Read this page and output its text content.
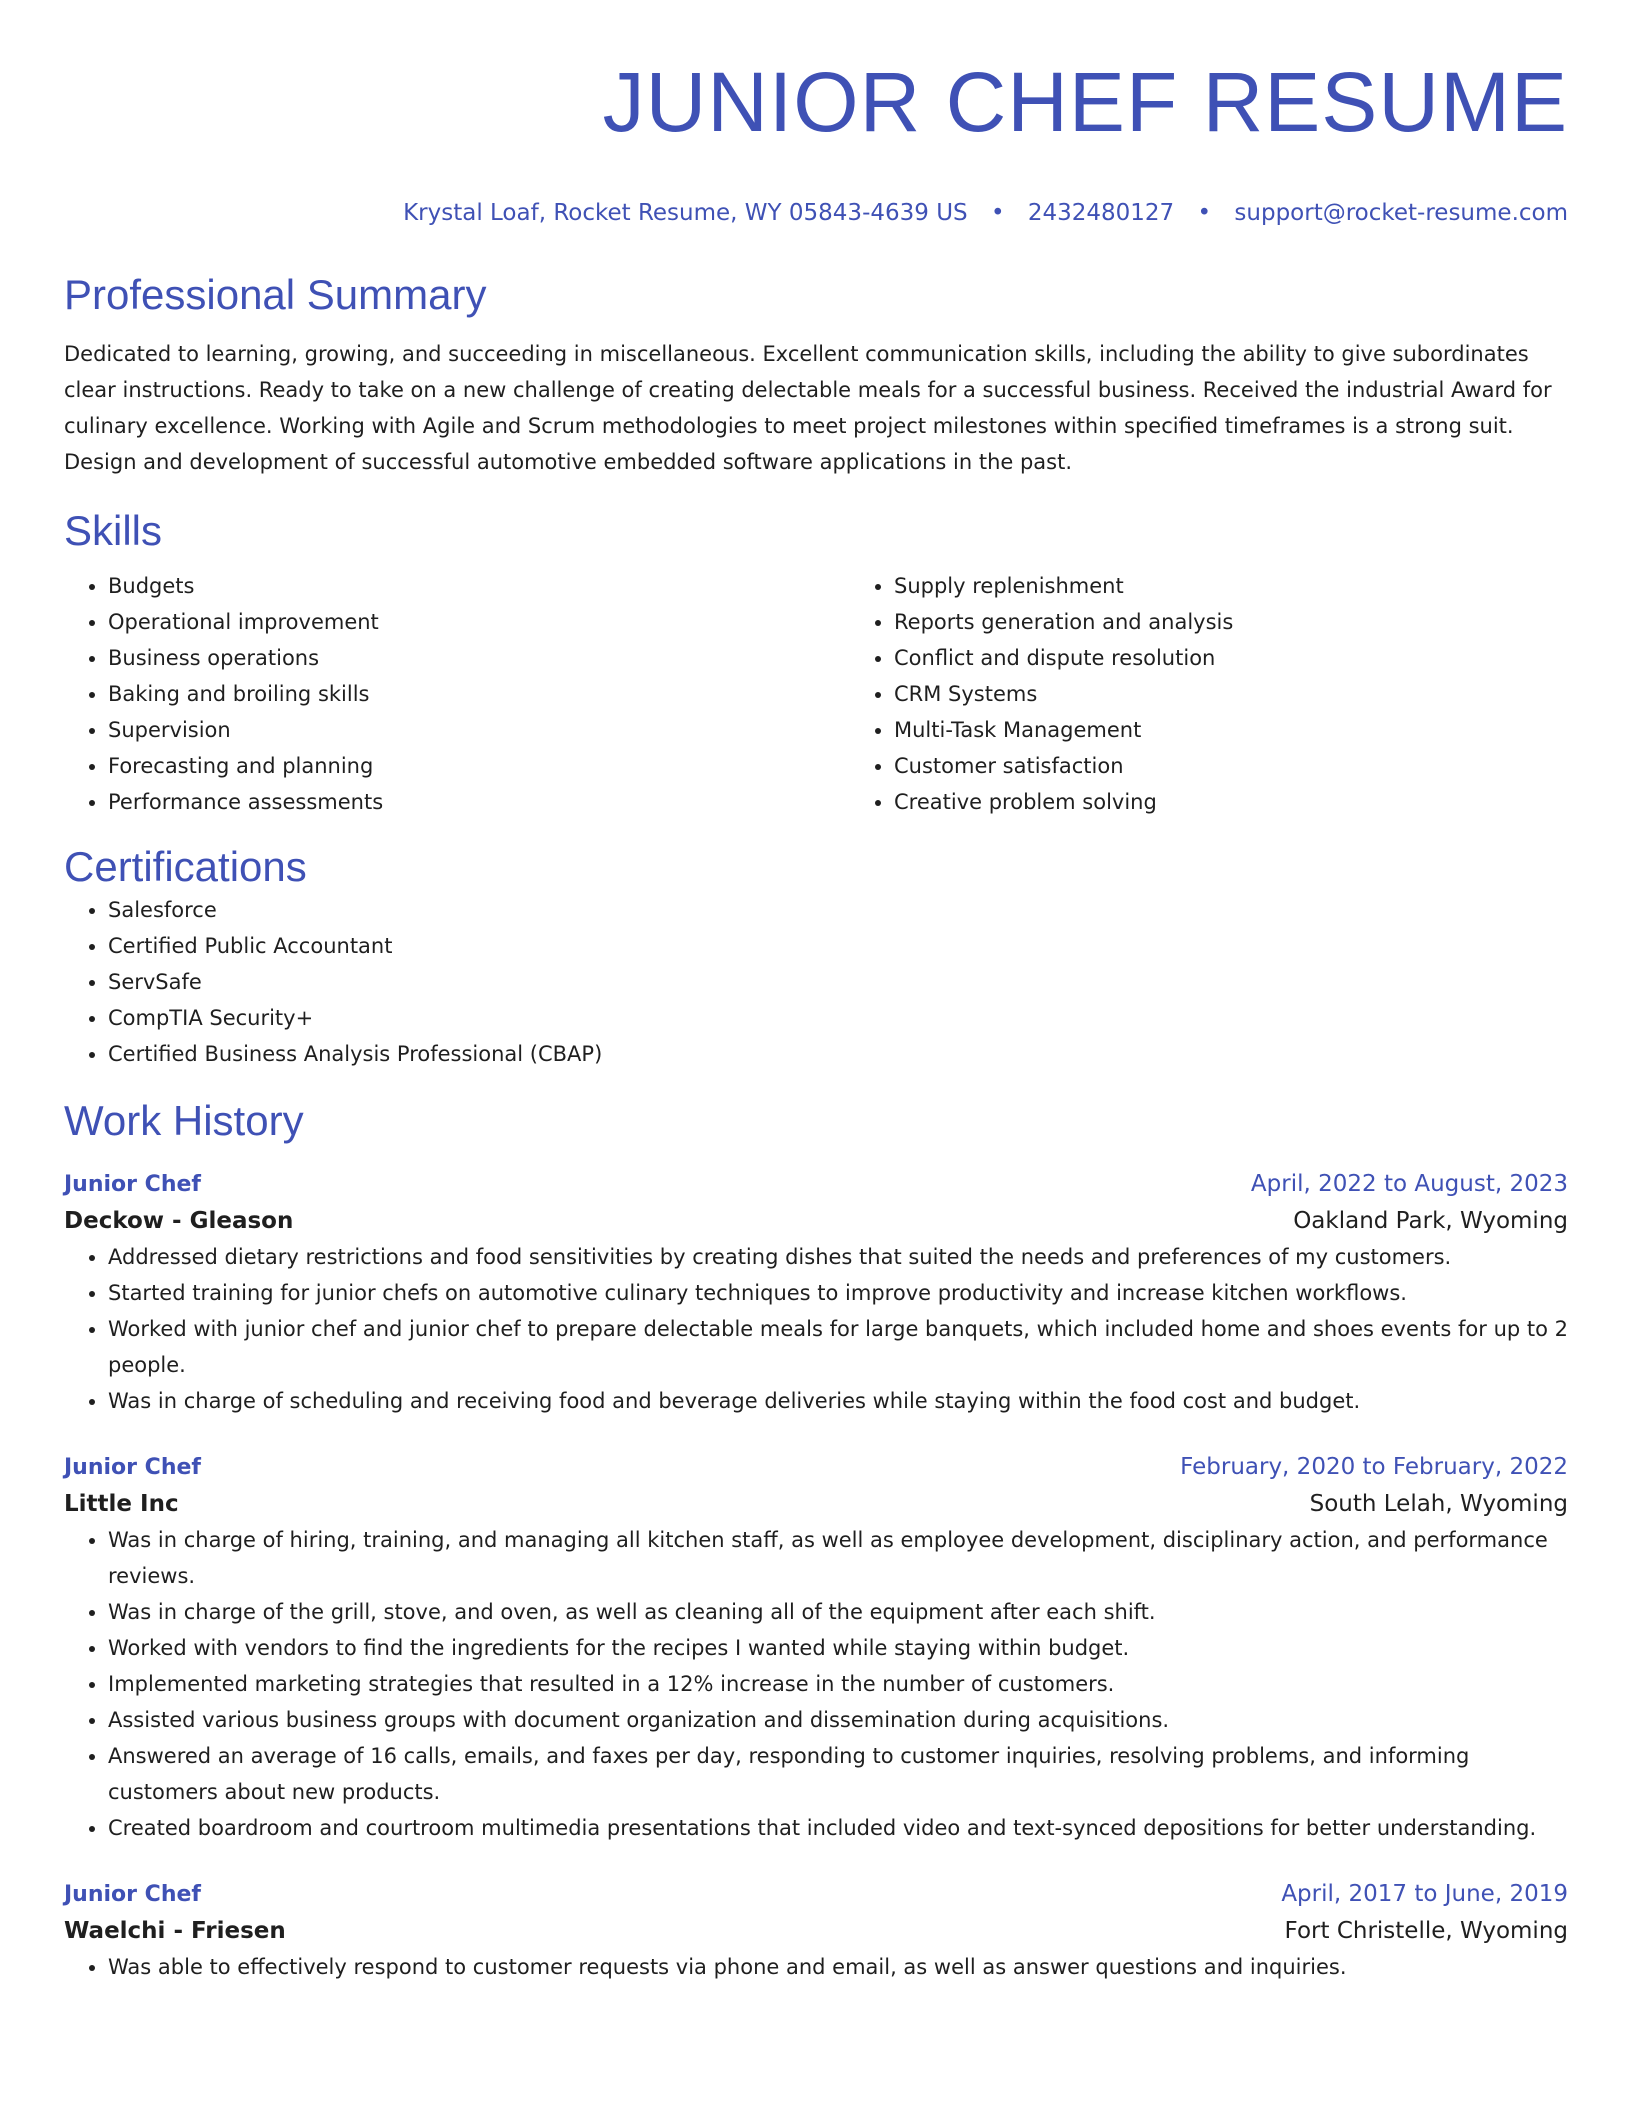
JUNIOR CHEF RESUME
Krystal Loaf, Rocket Resume, WY 05843-4639 US • 2432480127 • support@rocket-resume.com
Professional Summary

Dedicated to learning, growing, and succeeding in miscellaneous. Excellent communication skills, including the ability to give subordinates clear instructions. Ready to take on a new challenge of creating delectable meals for a successful business. Received the industrial Award for culinary excellence. Working with Agile and Scrum methodologies to meet project milestones within specified timeframes is a strong suit. Design and development of successful automotive embedded software applications in the past.

Skills
• Budgets
• Operational improvement
• Business operations
• Baking and broiling skills
• Supervision
• Forecasting and planning
• Performance assessments
• Supply replenishment
• Reports generation and analysis
• Conflict and dispute resolution
• CRM Systems
• Multi-Task Management
• Customer satisfaction
• Creative problem solving
Certifications
• Salesforce
• Certified Public Accountant
• ServSafe
• CompTIA Security+
• Certified Business Analysis Professional (CBAP)
Work History
Junior Chef	April, 2022 to August, 2023
Deckow - Gleason	Oakland Park, Wyoming
• Addressed dietary restrictions and food sensitivities by creating dishes that suited the needs and preferences of my customers.
• Started training for junior chefs on automotive culinary techniques to improve productivity and increase kitchen workflows.
• Worked with junior chef and junior chef to prepare delectable meals for large banquets, which included home and shoes events for up to 2 people.
• Was in charge of scheduling and receiving food and beverage deliveries while staying within the food cost and budget.
Junior Chef	February, 2020 to February, 2022
Little Inc	South Lelah, Wyoming
• Was in charge of hiring, training, and managing all kitchen staff, as well as employee development, disciplinary action, and performance reviews.
• Was in charge of the grill, stove, and oven, as well as cleaning all of the equipment after each shift.
• Worked with vendors to find the ingredients for the recipes I wanted while staying within budget.
• Implemented marketing strategies that resulted in a 12% increase in the number of customers.
• Assisted various business groups with document organization and dissemination during acquisitions.
• Answered an average of 16 calls, emails, and faxes per day, responding to customer inquiries, resolving problems, and informing customers about new products.
• Created boardroom and courtroom multimedia presentations that included video and text-synced depositions for better understanding.
Junior Chef	April, 2017 to June, 2019
Waelchi - Friesen	Fort Christelle, Wyoming
• Was able to effectively respond to customer requests via phone and email, as well as answer questions and inquiries.
